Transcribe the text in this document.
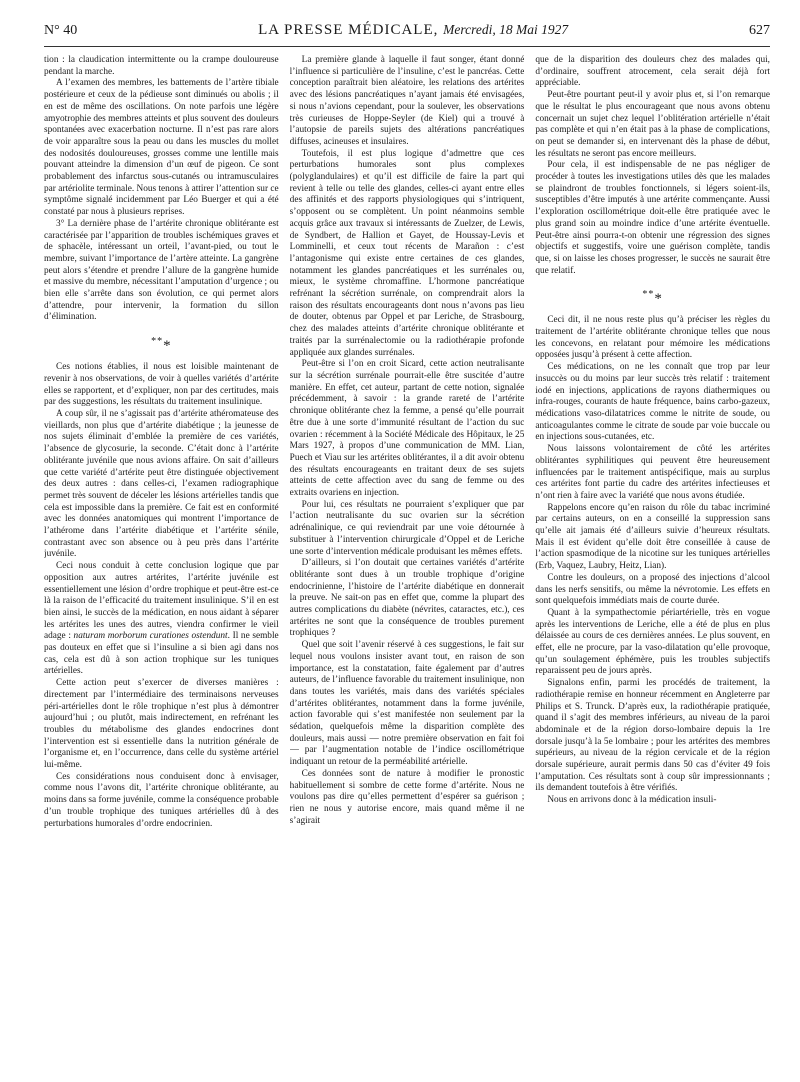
N° 40	LA PRESSE MÉDICALE, Mercredi, 18 Mai 1927	627

tion : la claudication intermittente ou la crampe douloureuse pendant la marche.

A l’examen des membres, les battements de l’artère tibiale postérieure et ceux de la pédieuse sont diminués ou abolis ; il en est de même des oscillations. On note parfois une légère amyotrophie des membres atteints et plus souvent des douleurs spontanées avec exacerbation nocturne. Il n’est pas rare alors de voir apparaître sous la peau ou dans les muscles du mollet des nodosités douloureuses, grosses comme une lentille mais pouvant atteindre la dimension d’un œuf de pigeon. Ce sont probablement des infarctus sous-cutanés ou intramusculaires par artériolite terminale. Nous tenons à attirer l’attention sur ce symptôme signalé incidemment par Léo Buerger et qui a été constaté par nous à plusieurs reprises.

3° La dernière phase de l’artérite chronique oblitérante est caractérisée par l’apparition de troubles ischémiques graves et de sphacèle, intéressant un orteil, l’avant-pied, ou tout le membre, suivant l’importance de l’artère atteinte. La gangrène peut alors s’étendre et prendre l’allure de la gangrène humide et massive du membre, nécessitant l’amputation d’urgence ; ou bien elle s’arrête dans son évolution, ce qui permet alors d’attendre, pour intervenir, la formation du sillon d’élimination.

***

Ces notions établies, il nous est loisible maintenant de revenir à nos observations, de voir à quelles variétés d’artérite elles se rapportent, et d’expliquer, non par des certitudes, mais par des suggestions, les résultats du traitement insulinique.

A coup sûr, il ne s’agissait pas d’artérite athéromateuse des vieillards, non plus que d’artérite diabétique ; la jeunesse de nos sujets éliminait d’emblée la première de ces variétés, l’absence de glycosurie, la seconde. C’était donc à l’artérite oblitérante juvénile que nous avions affaire. On sait d’ailleurs que cette variété d’artérite peut être distinguée objectivement des deux autres : dans celles-ci, l’examen radiographique permet très souvent de déceler les lésions artérielles tandis que cela est impossible dans la première. Ce fait est en conformité avec les données anatomiques qui montrent l’importance de l’athérome dans l’artérite diabétique et l’artérite sénile, contrastant avec son absence ou à peu près dans l’artérite juvénile.

Ceci nous conduit à cette conclusion logique que par opposition aux autres artérites, l’artérite juvénile est essentiellement une lésion d’ordre trophique et peut-être est-ce là la raison de l’efficacité du traitement insulinique. S’il en est bien ainsi, le succès de la médication, en nous aidant à séparer les artérites les unes des autres, viendra confirmer le vieil adage : naturam morborum curationes ostendunt. Il ne semble pas douteux en effet que si l’insuline a si bien agi dans nos cas, cela est dû à son action trophique sur les tuniques artérielles.

Cette action peut s’exercer de diverses manières : directement par l’intermédiaire des terminaisons nerveuses péri-artérielles dont le rôle trophique n’est plus à démontrer aujourd’hui ; ou plutôt, mais indirectement, en refrénant les troubles du métabolisme des glandes endocrines dont l’intervention est si essentielle dans la nutrition générale de l’organisme et, en l’occurrence, dans celle du système artériel lui-même.

Ces considérations nous conduisent donc à envisager, comme nous l’avons dit, l’artérite chronique oblitérante, au moins dans sa forme juvénile, comme la conséquence probable d’un trouble trophique des tuniques artérielles dû à des perturbations humorales d’ordre endocrinien.

La première glande à laquelle il faut songer, étant donné l’influence si particulière de l’insuline, c’est le pancréas. Cette conception paraîtrait bien aléatoire, les relations des artérites avec des lésions pancréatiques n’ayant jamais été envisagées, si nous n’avions cependant, pour la soulever, les observations très curieuses de Hoppe-Seyler (de Kiel) qui a trouvé à l’autopsie de pareils sujets des altérations pancréatiques diffuses, acineuses et insulaires.

Toutefois, il est plus logique d’admettre que ces perturbations humorales sont plus complexes (polyglandulaires) et qu’il est difficile de faire la part qui revient à telle ou telle des glandes, celles-ci ayant entre elles des affinités et des rapports physiologiques qui s’intriquent, s’opposent ou se complètent. Un point néanmoins semble acquis grâce aux travaux si intéressants de Zuelzer, de Lewis, de Syndbert, de Hallion et Gayet, de Houssay-Levis et Lomminelli, et ceux tout récents de Marañon : c’est l’antagonisme qui existe entre certaines de ces glandes, notamment les glandes pancréatiques et les surrénales ou, mieux, le système chromaffine. L’hormone pancréatique refrénant la sécrétion surrénale, on comprendrait alors la raison des résultats encourageants dont nous n’avons pas lieu de douter, obtenus par Oppel et par Leriche, de Strasbourg, chez des malades atteints d’artérite chronique oblitérante et traités par la surrénalectomie ou la radiothérapie profonde appliquée aux glandes surrénales.

Peut-être si l’on en croit Sicard, cette action neutralisante sur la sécrétion surrénale pourrait-elle être suscitée d’autre manière. En effet, cet auteur, partant de cette notion, signalée précédemment, à savoir : la grande rareté de l’artérite chronique oblitérante chez la femme, a pensé qu’elle pourrait être due à une sorte d’immunité résultant de l’action du suc ovarien : récemment à la Société Médicale des Hôpitaux, le 25 Mars 1927, à propos d’une communication de MM. Lian, Puech et Viau sur les artérites oblitérantes, il a dit avoir obtenu des résultats encourageants en traitant deux de ses sujets atteints de cette affection avec du sang de femme ou des extraits ovariens en injection.

Pour lui, ces résultats ne pourraient s’expliquer que par l’action neutralisante du suc ovarien sur la sécrétion adrénalinique, ce qui reviendrait par une voie détournée à substituer à l’intervention chirurgicale d’Oppel et de Leriche une sorte d’intervention médicale produisant les mêmes effets.

D’ailleurs, si l’on doutait que certaines variétés d’artérite oblitérante sont dues à un trouble trophique d’origine endocrinienne, l’histoire de l’artérite diabétique en donnerait la preuve. Ne sait-on pas en effet que, comme la plupart des autres complications du diabète (névrites, cataractes, etc.), ces artérites ne sont que la conséquence de troubles purement trophiques ?

Quel que soit l’avenir réservé à ces suggestions, le fait sur lequel nous voulons insister avant tout, en raison de son importance, est la constatation, faite également par d’autres auteurs, de l’influence favorable du traitement insulinique, non dans toutes les variétés, mais dans des variétés spéciales d’artérites oblitérantes, notamment dans la forme juvénile, action favorable qui s’est manifestée non seulement par la sédation, quelquefois même la disparition complète des douleurs, mais aussi — notre première observation en fait foi — par l’augmentation notable de l’indice oscillométrique indiquant un retour de la perméabilité artérielle.

Ces données sont de nature à modifier le pronostic habituellement si sombre de cette forme d’artérite. Nous ne voulons pas dire qu’elles permettent d’espérer sa guérison ; rien ne nous y autorise encore, mais quand même il ne s’agirait

que de la disparition des douleurs chez des malades qui, d’ordinaire, souffrent atrocement, cela serait déjà fort appréciable.

Peut-être pourtant peut-il y avoir plus et, si l’on remarque que le résultat le plus encourageant que nous avons obtenu concernait un sujet chez lequel l’oblitération artérielle n’était pas complète et qui n’en était pas à la phase de complications, on peut se demander si, en intervenant dès la phase de début, les résultats ne seront pas encore meilleurs.

Pour cela, il est indispensable de ne pas négliger de procéder à toutes les investigations utiles dès que les malades se plaindront de troubles fonctionnels, si légers soient-ils, susceptibles d’être imputés à une artérite commençante. Aussi l’exploration oscillométrique doit-elle être pratiquée avec le plus grand soin au moindre indice d’une artérite éventuelle. Peut-être ainsi pourra-t-on obtenir une régression des signes objectifs et suggestifs, voire une guérison complète, tandis que, si on laisse les choses progresser, le succès ne saurait être que relatif.

***

Ceci dit, il ne nous reste plus qu’à préciser les règles du traitement de l’artérite oblitérante chronique telles que nous les concevons, en relatant pour mémoire les médications opposées jusqu’à présent à cette affection.

Ces médications, on ne les connaît que trop par leur insuccès ou du moins par leur succès très relatif : traitement iodé en injections, applications de rayons diathermiques ou infra-rouges, courants de haute fréquence, bains carbo-gazeux, médications vaso-dilatatrices comme le nitrite de soude, ou anticoagulantes comme le citrate de soude par voie buccale ou en injections sous-cutanées, etc.

Nous laissons volontairement de côté les artérites oblitérantes syphilitiques qui peuvent être heureusement influencées par le traitement antispécifique, mais au surplus ces artérites font partie du cadre des artérites infectieuses et n’ont rien à faire avec la variété que nous avons étudiée.

Rappelons encore qu’en raison du rôle du tabac incriminé par certains auteurs, on en a conseillé la suppression sans qu’elle ait jamais été d’ailleurs suivie d’heureux résultats. Mais il est évident qu’elle doit être conseillée à cause de l’action spasmodique de la nicotine sur les tuniques artérielles (Erb, Vaquez, Laubry, Heitz, Lian).

Contre les douleurs, on a proposé des injections d’alcool dans les nerfs sensitifs, ou même la névrotomie. Les effets en sont quelquefois immédiats mais de courte durée.

Quant à la sympathectomie périartérielle, très en vogue après les interventions de Leriche, elle a été de plus en plus délaissée au cours de ces dernières années. Le plus souvent, en effet, elle ne procure, par la vaso-dilatation qu’elle provoque, qu’un soulagement éphémère, puis les troubles subjectifs reparaissent peu de jours après.

Signalons enfin, parmi les procédés de traitement, la radiothérapie remise en honneur récemment en Angleterre par Philips et S. Trunck. D’après eux, la radiothérapie pratiquée, quand il s’agit des membres inférieurs, au niveau de la paroi abdominale et de la région dorso-lombaire depuis la 1re dorsale jusqu’à la 5e lombaire ; pour les artérites des membres supérieurs, au niveau de la région cervicale et de la région dorsale supérieure, aurait permis dans 50 cas d’éviter 49 fois l’amputation. Ces résultats sont à coup sûr impressionnants ; ils demandent toutefois à être vérifiés.

Nous en arrivons donc à la médication insuli-
